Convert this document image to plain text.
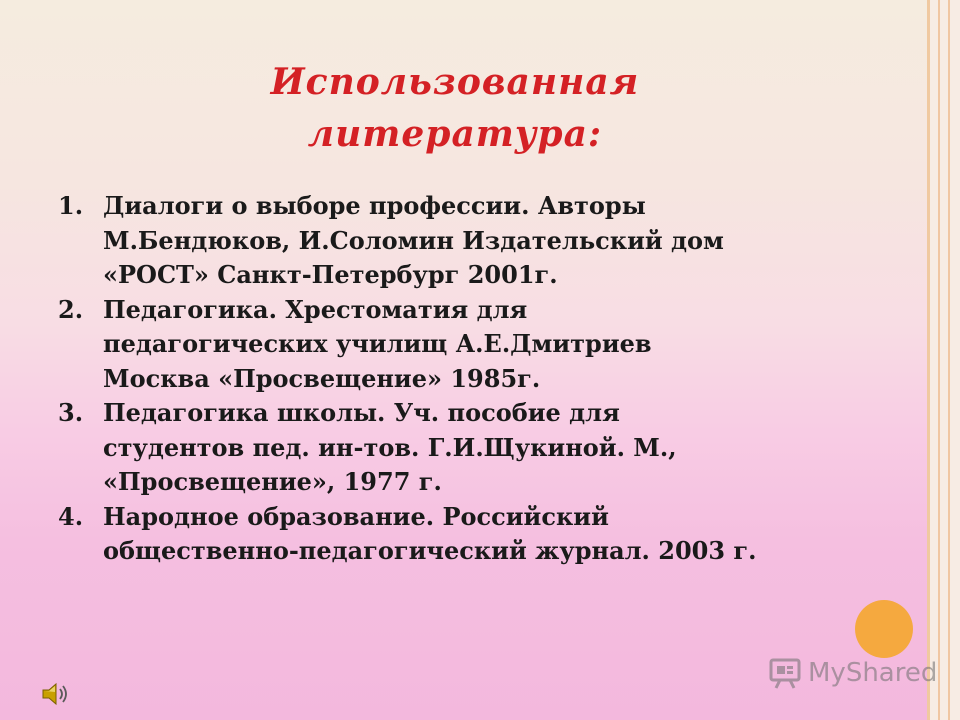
Использованная
литература:
1. Диалоги о выборе профессии. Авторы
М.Бендюков, И.Соломин Издательский дом
«РОСТ» Санкт-Петербург 2001г.
2. Педагогика. Хрестоматия для
педагогических училищ А.Е.Дмитриев
Москва «Просвещение» 1985г.
3. Педагогика школы. Уч. пособие для
студентов пед. ин-тов. Г.И.Щукиной. М.,
«Просвещение», 1977 г.
4. Народное образование. Российский
общественно-педагогический журнал. 2003 г.
MyShared
